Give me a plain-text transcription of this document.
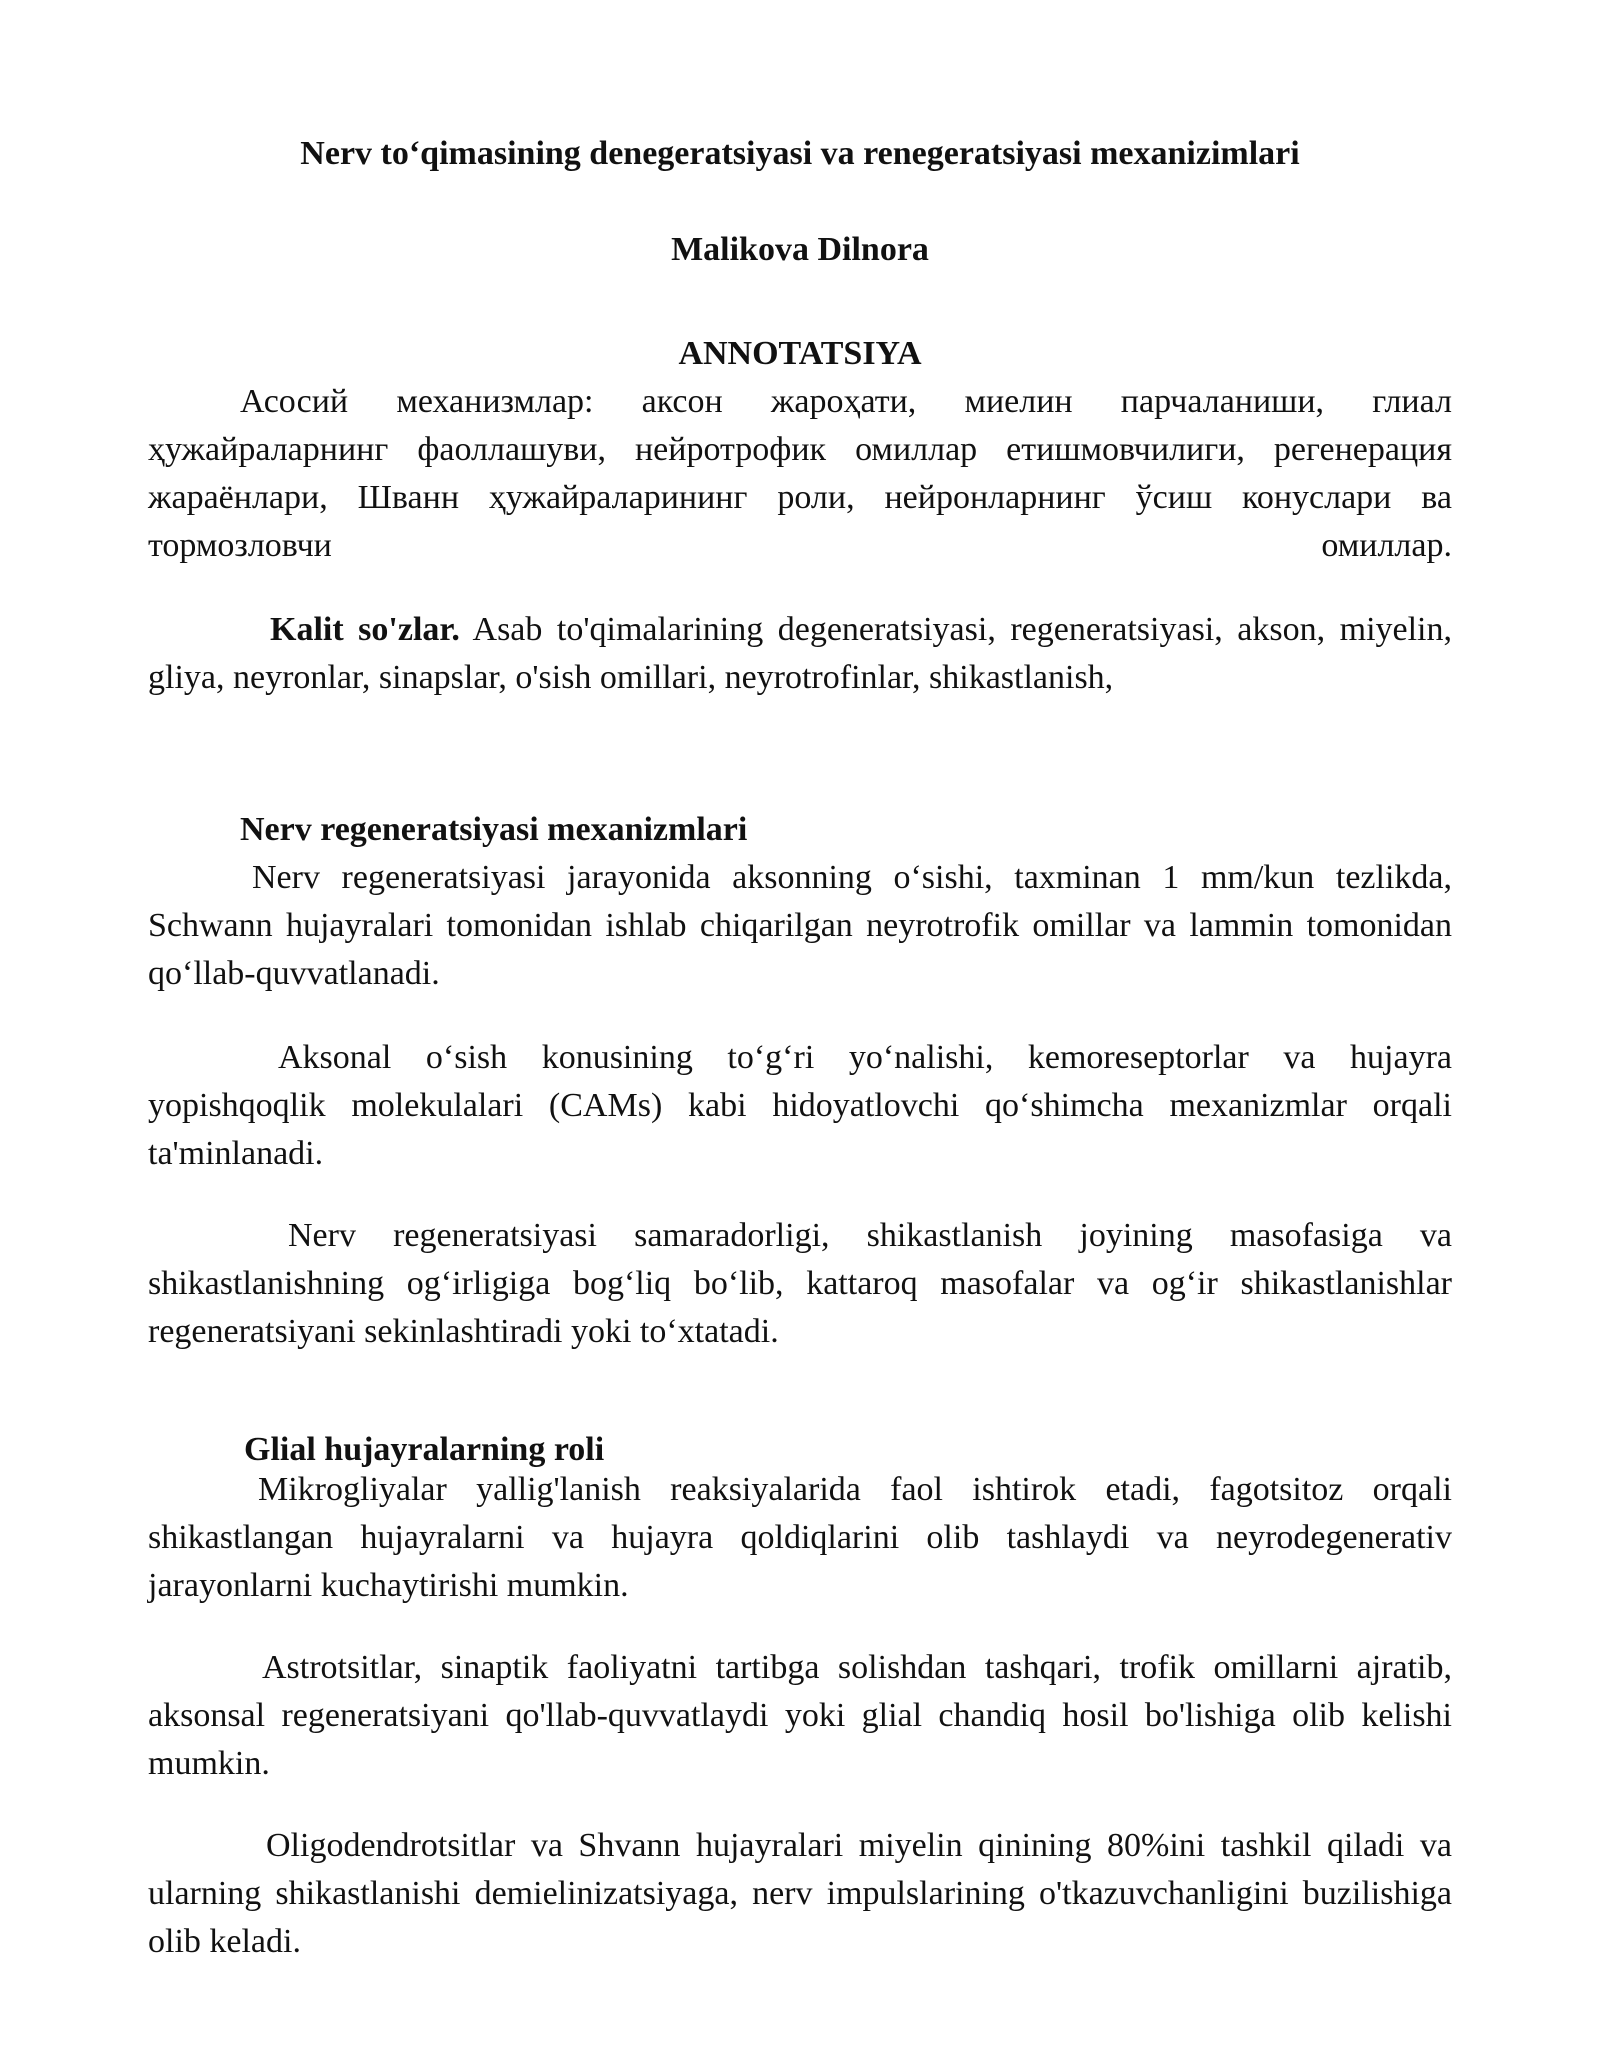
Nerv to‘qimasining denegeratsiyasi va renegeratsiyasi mexanizimlari
Malikova Dilnora
ANNOTATSIYA

Асосий механизмлар: аксон жароҳати, миелин парчаланиши, глиал ҳужайраларнинг фаоллашуви, нейротрофик омиллар етишмовчилиги, регенерация жараёнлари, Шванн ҳужайраларининг роли, нейронларнинг ўсиш конуслари ва тормозловчи	омиллар.

Kalit so'zlar. Asab to'qimalarining degeneratsiyasi, regeneratsiyasi, akson, miyelin, gliya, neyronlar, sinapslar, o'sish omillari, neyrotrofinlar, shikastlanish,

Nerv regeneratsiyasi mexanizmlari

Nerv regeneratsiyasi jarayonida aksonning o‘sishi, taxminan 1 mm/kun tezlikda, Schwann hujayralari tomonidan ishlab chiqarilgan neyrotrofik omillar va lammin tomonidan qo‘llab-quvvatlanadi.

Aksonal o‘sish konusining to‘g‘ri yo‘nalishi, kemoreseptorlar va hujayra yopishqoqlik molekulalari (CAMs) kabi hidoyatlovchi qo‘shimcha mexanizmlar orqali ta'minlanadi.

Nerv regeneratsiyasi samaradorligi, shikastlanish joyining masofasiga va shikastlanishning og‘irligiga bog‘liq bo‘lib, kattaroq masofalar va og‘ir shikastlanishlar regeneratsiyani sekinlashtiradi yoki to‘xtatadi.

Glial hujayralarning roli

Mikrogliyalar yallig'lanish reaksiyalarida faol ishtirok etadi, fagotsitoz orqali shikastlangan hujayralarni va hujayra qoldiqlarini olib tashlaydi va neyrodegenerativ jarayonlarni kuchaytirishi mumkin.

Astrotsitlar, sinaptik faoliyatni tartibga solishdan tashqari, trofik omillarni ajratib, aksonsal regeneratsiyani qo'llab-quvvatlaydi yoki glial chandiq hosil bo'lishiga olib kelishi mumkin.

Oligodendrotsitlar va Shvann hujayralari miyelin qinining 80%ini tashkil qiladi va ularning shikastlanishi demielinizatsiyaga, nerv impulslarining o'tkazuvchanligini buzilishiga olib keladi.
